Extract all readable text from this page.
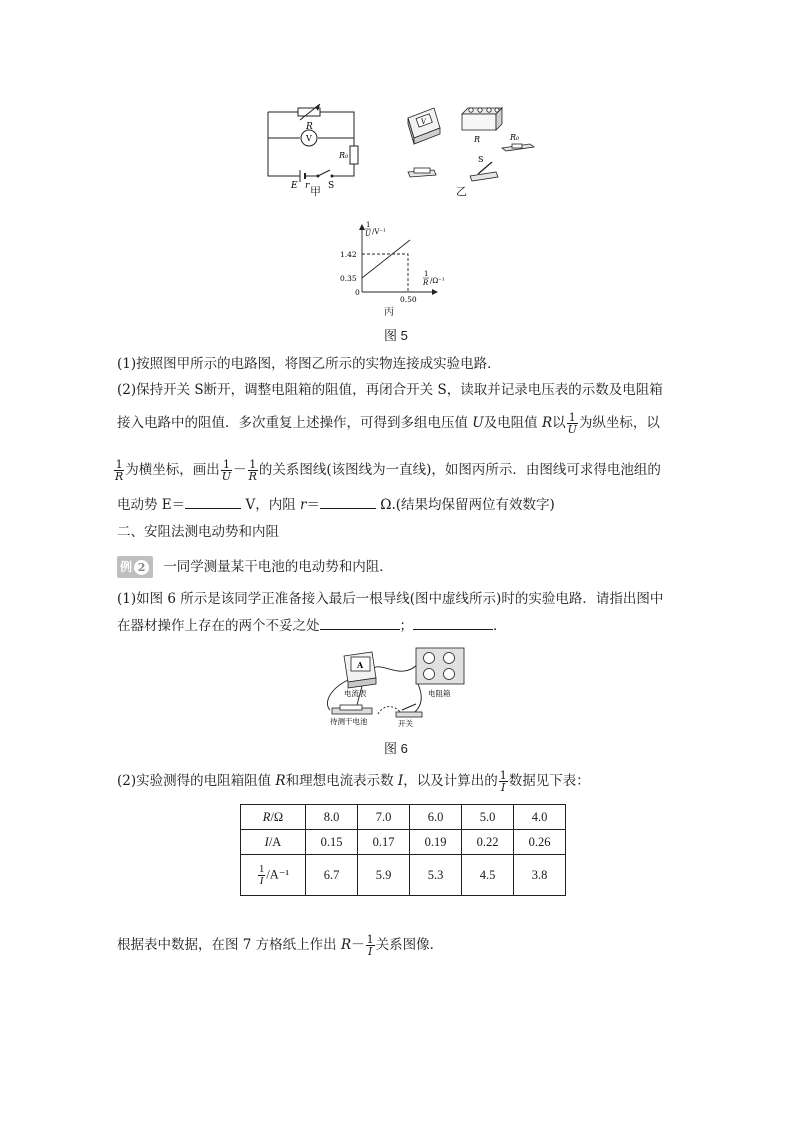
R
V
R₀
E r S
甲
V
R	R₀
S
乙
1
U /V⁻¹
1
R /Ω⁻¹
1.42
0.35
0
0.50
丙
图 5
(1)按照图甲所示的电路图，将图乙所示的实物连接成实验电路．
(2)保持开关 S断开，调整电阻箱的阻值，再闭合开关 S，读取并记录电压表的示数及电阻箱
接入电路中的阻值．多次重复上述操作，可得到多组电压值 U及电阻值 R以 $\frac{1}{U}$ 为纵坐标，以
$\frac{1}{R}$ 为横坐标，画出 $\frac{1}{U} - \frac{1}{R}$ 的关系图线(该图线为一直线)，如图丙所示．由图线可求得电池组的
电动势 E＝	V，内阻 r＝	Ω.(结果均保留两位有效数字)
二、安阻法测电动势和内阻
例 2 一同学测量某干电池的电动势和内阻．
(1)如图 6 所示是该同学正准备接入最后一根导线(图中虚线所示)时的实验电路．请指出图中
在器材操作上存在的两个不妥之处	；	．
A
电流表	电阻箱
待测干电池	开关
图 6
(2)实验测得的电阻箱阻值 R和理想电流表示数 I，以及计算出的 $\frac{1}{I}$ 数据见下表：
R/Ω	8.0	7.0	6.0	5.0	4.0
I/A	0.15	0.17	0.19	0.22	0.26

$\frac{1}{I} /A^{-1}$	6.7	5.9	5.3	4.5	3.8
根据表中数据，在图 7 方格纸上作出 $R- \frac{1}{I}$ 关系图像．
